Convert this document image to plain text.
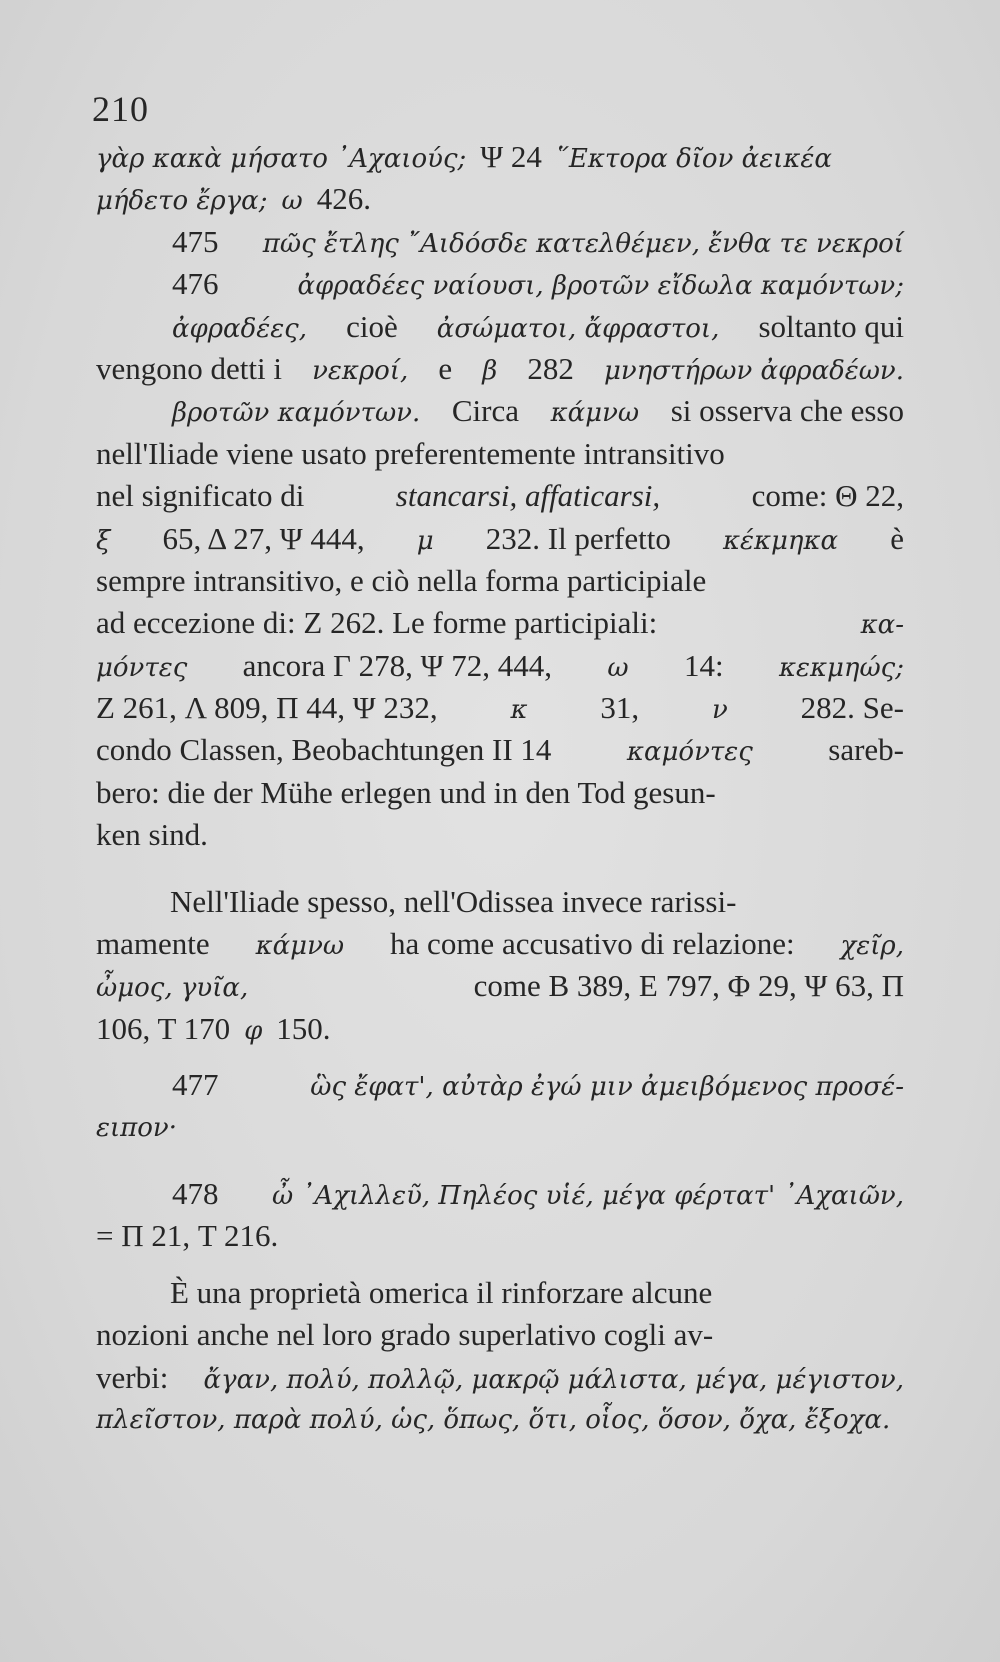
210
γὰρ κακὰ μήσατο ᾽Αχαιούς; Ψ 24 ῞Εκτορα δῖον ἀεικέα
μήδετο ἔργα; ω 426.
475 πῶς ἔτλης ῎Αιδόσδε κατελθέμεν, ἔνθα τε νεκροί
476	ἀφραδέες ναίουσι, βροτῶν εἴδωλα καμόντων;
ἀφραδέες, cioè ἀσώματοι, ἄφραστοι, soltanto qui
vengono detti i νεκροί, e β 282 μνηστήρων ἀφραδέων.
βροτῶν καμόντων. Circa κάμνω si osserva che esso
nell'Iliade viene usato preferentemente intransitivo
nel significato di	stancarsi, affaticarsi,	come: Θ 22,
ξ 65, Δ 27, Ψ 444, μ 232. Il perfetto κέκμηκα è
sempre intransitivo, e ciò nella forma participiale
ad eccezione di: Z 262. Le forme participiali:	κα-
μόντες ancora Γ 278, Ψ 72, 444, ω 14: κεκμηώς;
Z 261, Λ 809, Π 44, Ψ 232,	κ 31,	ν 282. Se-
condo Classen, Beobachtungen II 14	καμόντες sareb-
bero: die der Mühe erlegen und in den Tod gesun-
ken sind.
Nell'Iliade spesso, nell'Odissea invece rarissi-
mamente κάμνω ha come accusativo di relazione: χεῖρ,
ὦμος, γυῖα,	come B 389, E 797, Φ 29, Ψ 63, Π
106, T 170 φ 150.
477	ὣς ἔφατ', αὐτὰρ ἐγώ μιν ἀμειβόμενος προσέ-
ειπον·
478 ὦ ᾽Αχιλλεῦ, Πηλέος υἱέ, μέγα φέρτατ' ᾽Αχαιῶν,
= Π 21, T 216.
È una proprietà omerica il rinforzare alcune
nozioni anche nel loro grado superlativo cogli av-
verbi: ἄγαν, πολύ, πολλῷ, μακρῷ μάλιστα, μέγα, μέγιστον,
πλεῖστον, παρὰ πολύ, ὡς, ὅπως, ὅτι, οἷος, ὅσον, ὄχα, ἔξοχα.
